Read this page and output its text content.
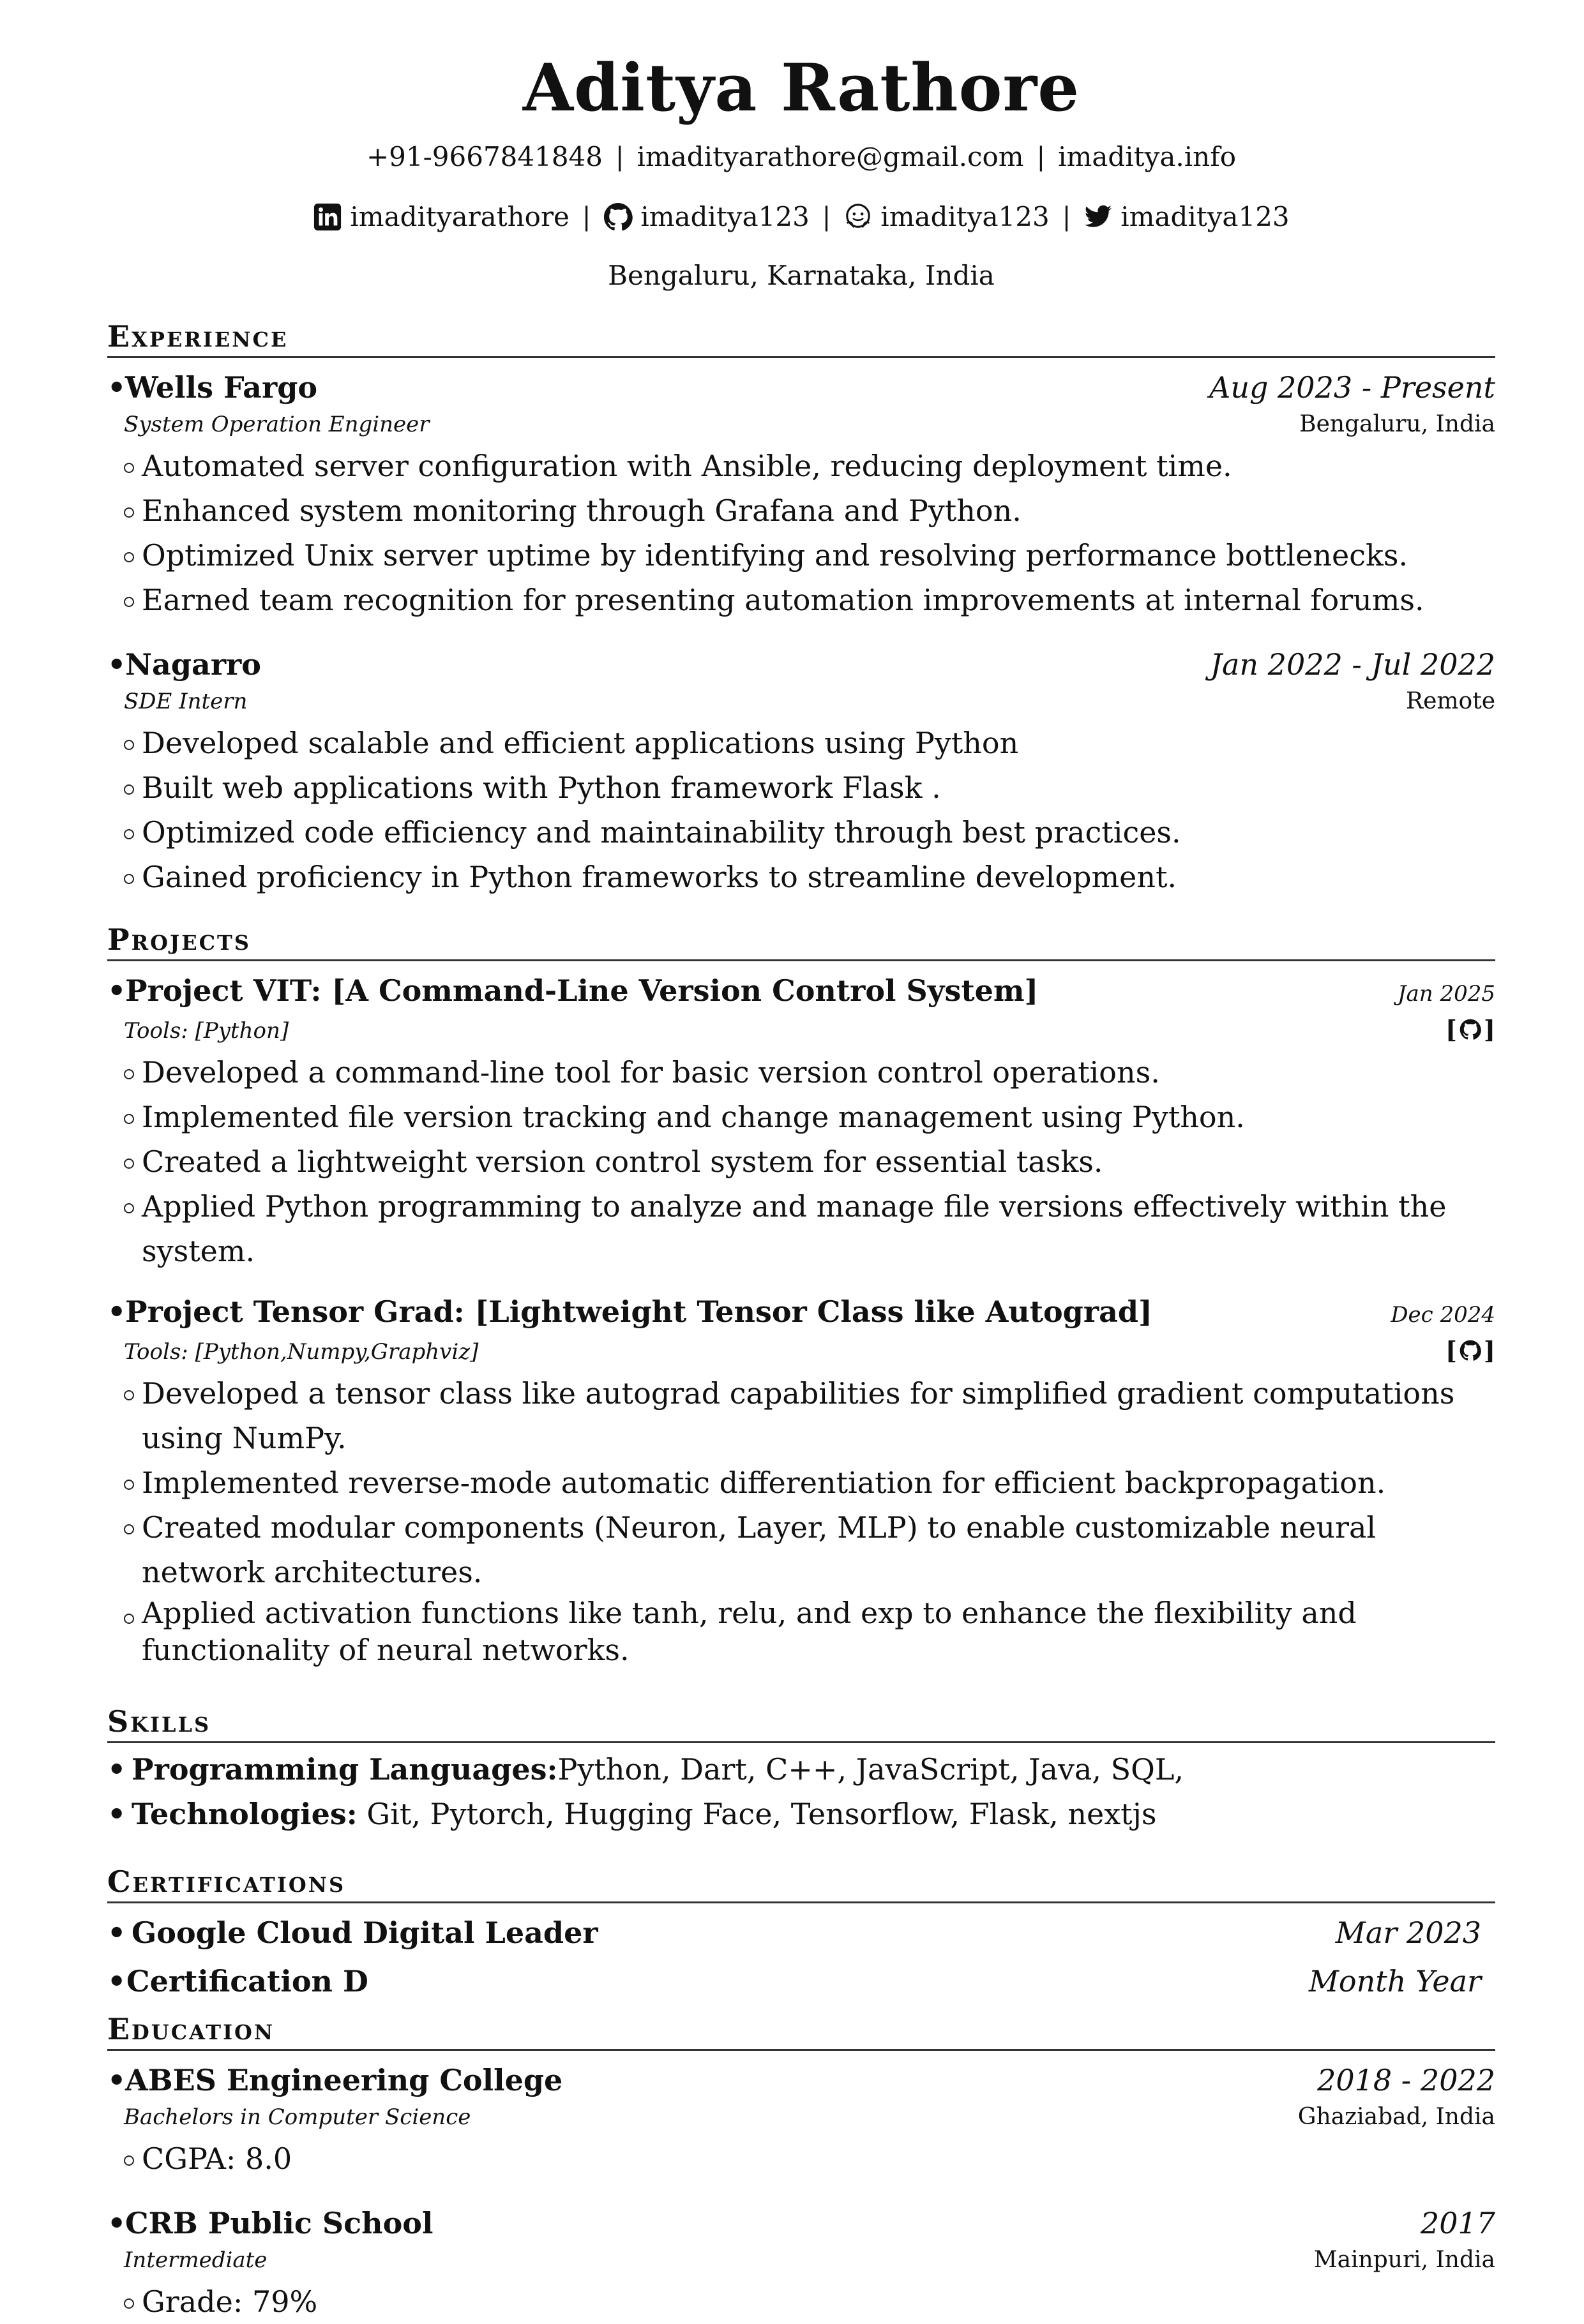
Aditya Rathore
+91-9667841848 | imadityarathore@gmail.com | imaditya.info
imadityarathore | imaditya123 | imaditya123 | imaditya123
Bengaluru, Karnataka, India
Experience
•Wells Fargo	Aug 2023 - Present
System Operation Engineer	Bengaluru, India
Automated server configuration with Ansible, reducing deployment time.
Enhanced system monitoring through Grafana and Python.
Optimized Unix server uptime by identifying and resolving performance bottlenecks.
Earned team recognition for presenting automation improvements at internal forums.
•Nagarro	Jan 2022 - Jul 2022
SDE Intern	Remote
Developed scalable and efficient applications using Python
Built web applications with Python framework Flask .
Optimized code efficiency and maintainability through best practices.
Gained proficiency in Python frameworks to streamline development.
Projects
•Project VIT: [A Command-Line Version Control System]	Jan 2025
Tools: [Python]	[ ]
Developed a command-line tool for basic version control operations.
Implemented file version tracking and change management using Python.
Created a lightweight version control system for essential tasks.
Applied Python programming to analyze and manage file versions effectively within the system.
•Project Tensor Grad: [Lightweight Tensor Class like Autograd]	Dec 2024
Tools: [Python,Numpy,Graphviz]	[ ]
Developed a tensor class like autograd capabilities for simplified gradient computations using NumPy.
Implemented reverse-mode automatic differentiation for efficient backpropagation.
Created modular components (Neuron, Layer, MLP) to enable customizable neural network architectures.
Applied activation functions like tanh, relu, and exp to enhance the flexibility and functionality of neural networks.
Skills
• Programming Languages:Python, Dart, C++, JavaScript, Java, SQL,
• Technologies: Git, Pytorch, Hugging Face, Tensorflow, Flask, nextjs
Certifications
• Google Cloud Digital Leader	Mar 2023
•Certification D	Month Year
Education
•ABES Engineering College	2018 - 2022
Bachelors in Computer Science	Ghaziabad, India
CGPA: 8.0
•CRB Public School	2017
Intermediate	Mainpuri, India
Grade: 79%
